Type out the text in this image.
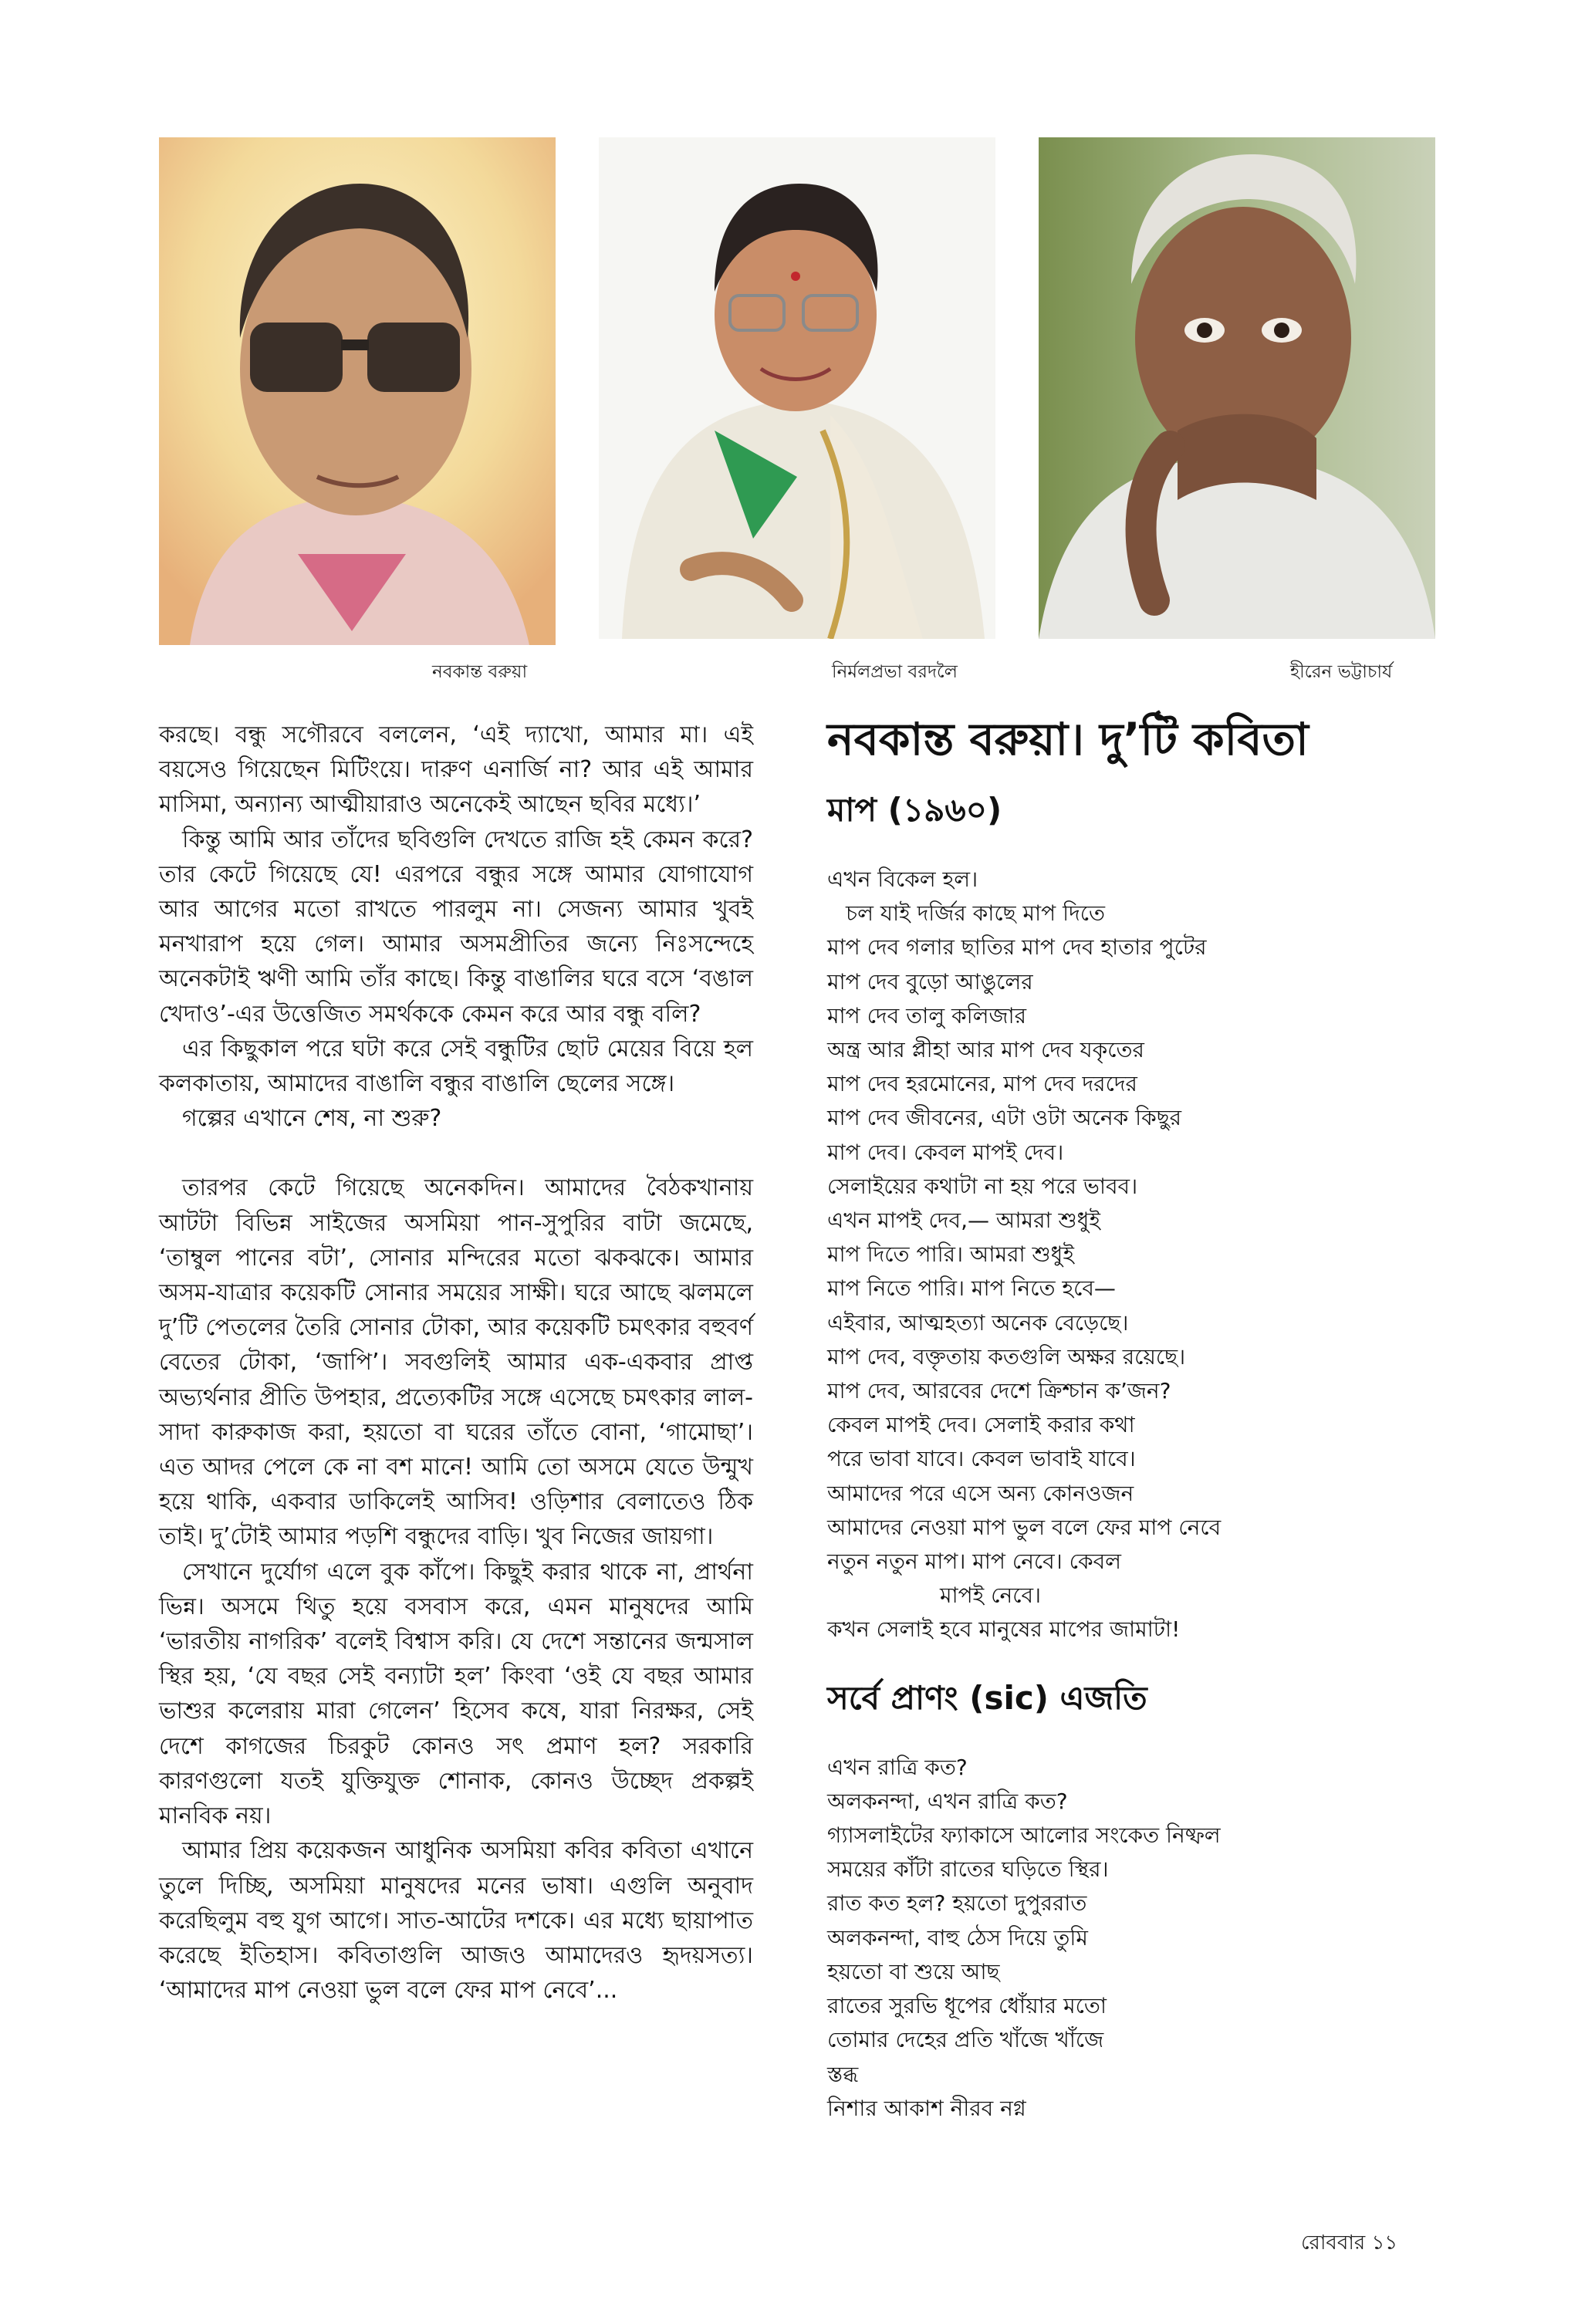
নবকান্ত বরুয়া	নির্মলপ্রভা বরদলৈ	হীরেন ভট্টাচার্য

করছে। বন্ধু সগৌরবে বললেন, ‘এই দ্যাখো, আমার মা। এই বয়সেও গিয়েছেন মিটিংয়ে। দারুণ এনার্জি না? আর এই আমার মাসিমা, অন্যান্য আত্মীয়ারাও অনেকেই আছেন ছবির মধ্যে।’

কিন্তু আমি আর তাঁদের ছবিগুলি দেখতে রাজি হই কেমন করে? তার কেটে গিয়েছে যে! এরপরে বন্ধুর সঙ্গে আমার যোগাযোগ আর আগের মতো রাখতে পারলুম না। সেজন্য আমার খুবই মনখারাপ হয়ে গেল। আমার অসমপ্রীতির জন্যে নিঃসন্দেহে অনেকটাই ঋণী আমি তাঁর কাছে। কিন্তু বাঙালির ঘরে বসে ‘বঙাল খেদাও’-এর উত্তেজিত সমর্থককে কেমন করে আর বন্ধু বলি?

এর কিছুকাল পরে ঘটা করে সেই বন্ধুটির ছোট মেয়ের বিয়ে হল কলকাতায়, আমাদের বাঙালি বন্ধুর বাঙালি ছেলের সঙ্গে।

গল্পের এখানে শেষ, না শুরু?

তারপর কেটে গিয়েছে অনেকদিন। আমাদের বৈঠকখানায় আটটা বিভিন্ন সাইজের অসমিয়া পান-সুপুরির বাটা জমেছে, ‘তাম্বুল পানের বটা’, সোনার মন্দিরের মতো ঝকঝকে। আমার অসম-যাত্রার কয়েকটি সোনার সময়ের সাক্ষী। ঘরে আছে ঝলমলে দু’টি পেতলের তৈরি সোনার টোকা, আর কয়েকটি চমৎকার বহুবর্ণ বেতের টোকা, ‘জাপি’। সবগুলিই আমার এক-একবার প্রাপ্ত অভ্যর্থনার প্রীতি উপহার, প্রত্যেকটির সঙ্গে এসেছে চমৎকার লাল-সাদা কারুকাজ করা, হয়তো বা ঘরের তাঁতে বোনা, ‘গামোছা’। এত আদর পেলে কে না বশ মানে! আমি তো অসমে যেতে উন্মুখ হয়ে থাকি, একবার ডাকিলেই আসিব! ওড়িশার বেলাতেও ঠিক তাই। দু’টোই আমার পড়শি বন্ধুদের বাড়ি। খুব নিজের জায়গা।

সেখানে দুর্যোগ এলে বুক কাঁপে। কিছুই করার থাকে না, প্রার্থনা ভিন্ন। অসমে থিতু হয়ে বসবাস করে, এমন মানুষদের আমি ‘ভারতীয় নাগরিক’ বলেই বিশ্বাস করি। যে দেশে সন্তানের জন্মসাল স্থির হয়, ‘যে বছর সেই বন্যাটা হল’ কিংবা ‘ওই যে বছর আমার ভাশুর কলেরায় মারা গেলেন’ হিসেব কষে, যারা নিরক্ষর, সেই দেশে কাগজের চিরকুট কোনও সৎ প্রমাণ হল? সরকারি কারণগুলো যতই যুক্তিযুক্ত শোনাক, কোনও উচ্ছেদ প্রকল্পই মানবিক নয়।

আমার প্রিয় কয়েকজন আধুনিক অসমিয়া কবির কবিতা এখানে তুলে দিচ্ছি, অসমিয়া মানুষদের মনের ভাষা। এগুলি অনুবাদ করেছিলুম বহু যুগ আগে। সাত-আটের দশকে। এর মধ্যে ছায়াপাত করেছে ইতিহাস। কবিতাগুলি আজও আমাদেরও হৃদয়সত্য। ‘আমাদের মাপ নেওয়া ভুল বলে ফের মাপ নেবে’...

নবকান্ত বরুয়া। দু’টি কবিতা
মাপ (১৯৬০)
এখন বিকেল হল।
চল যাই দর্জির কাছে মাপ দিতে
মাপ দেব গলার ছাতির মাপ দেব হাতার পুটের
মাপ দেব বুড়ো আঙুলের
মাপ দেব তালু কলিজার
অন্ত্র আর প্লীহা আর মাপ দেব যকৃতের
মাপ দেব হরমোনের, মাপ দেব দরদের
মাপ দেব জীবনের, এটা ওটা অনেক কিছুর
মাপ দেব। কেবল মাপই দেব।
সেলাইয়ের কথাটা না হয় পরে ভাবব।
এখন মাপই দেব,— আমরা শুধুই
মাপ দিতে পারি। আমরা শুধুই
মাপ নিতে পারি। মাপ নিতে হবে—
এইবার, আত্মহত্যা অনেক বেড়েছে।
মাপ দেব, বক্তৃতায় কতগুলি অক্ষর রয়েছে।
মাপ দেব, আরবের দেশে ক্রিশ্চান ক’জন?
কেবল মাপই দেব। সেলাই করার কথা
পরে ভাবা যাবে। কেবল ভাবাই যাবে।
আমাদের পরে এসে অন্য কোনওজন
আমাদের নেওয়া মাপ ভুল বলে ফের মাপ নেবে
নতুন নতুন মাপ। মাপ নেবে। কেবল
মাপই নেবে।
কখন সেলাই হবে মানুষের মাপের জামাটা!
সর্বে প্রাণং (sic) এজতি
এখন রাত্রি কত?
অলকনন্দা, এখন রাত্রি কত?
গ্যাসলাইটের ফ্যাকাসে আলোর সংকেত নিষ্ফল
সময়ের কাঁটা রাতের ঘড়িতে স্থির।
রাত কত হল? হয়তো দুপুররাত
অলকনন্দা, বাহু ঠেস দিয়ে তুমি
হয়তো বা শুয়ে আছ
রাতের সুরভি ধূপের ধোঁয়ার মতো
তোমার দেহের প্রতি খাঁজে খাঁজে
স্তব্ধ
নিশার আকাশ নীরব নগ্ন
রোববার ১১
